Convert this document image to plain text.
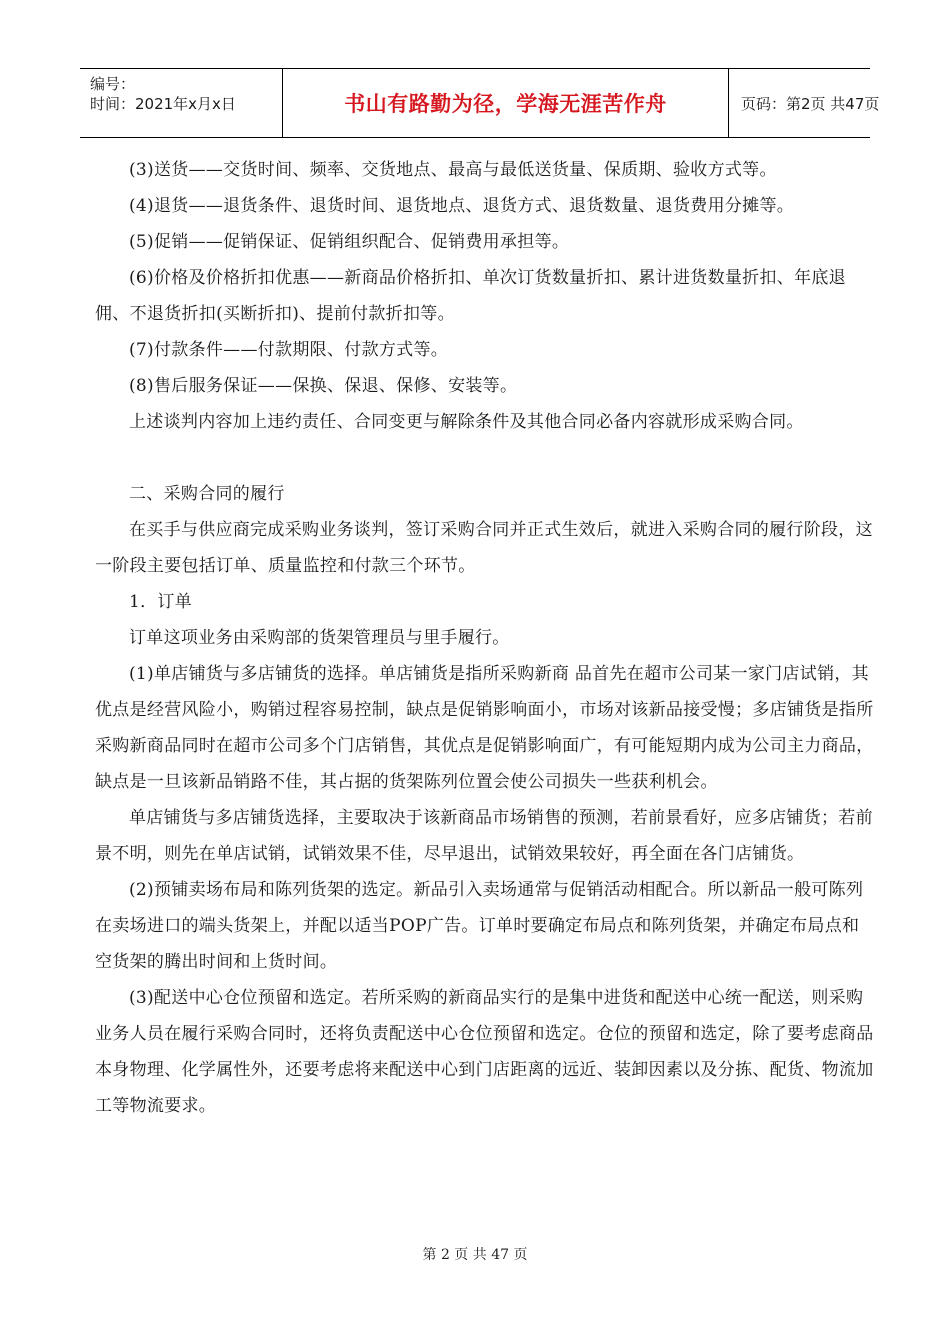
编号：
时间：2021年x月x日	书山有路勤为径，学海无涯苦作舟	页码：第2页 共47页

(3)送货——交货时间、频率、交货地点、最高与最低送货量、保质期、验收方式等。

(4)退货——退货条件、退货时间、退货地点、退货方式、退货数量、退货费用分摊等。

(5)促销——促销保证、促销组织配合、促销费用承担等。

(6)价格及价格折扣优惠——新商品价格折扣、单次订货数量折扣、累计进货数量折扣、年底退佣、不退货折扣(买断折扣)、提前付款折扣等。

(7)付款条件——付款期限、付款方式等。

(8)售后服务保证——保换、保退、保修、安装等。

上述谈判内容加上违约责任、合同变更与解除条件及其他合同必备内容就形成采购合同。

二、采购合同的履行

在买手与供应商完成采购业务谈判，签订采购合同并正式生效后，就进入采购合同的履行阶段，这一阶段主要包括订单、质量监控和付款三个环节。

1．订单

订单这项业务由采购部的货架管理员与里手履行。

(1)单店铺货与多店铺货的选择。单店铺货是指所采购新商 品首先在超市公司某一家门店试销，其优点是经营风险小，购销过程容易控制，缺点是促销影响面小，市场对该新品接受慢；多店铺货是指所采购新商品同时在超市公司多个门店销售，其优点是促销影响面广，有可能短期内成为公司主力商品，缺点是一旦该新品销路不佳，其占据的货架陈列位置会使公司损失一些获利机会。

单店铺货与多店铺货选择，主要取决于该新商品市场销售的预测，若前景看好，应多店铺货；若前景不明，则先在单店试销，试销效果不佳，尽早退出，试销效果较好，再全面在各门店铺货。

(2)预铺卖场布局和陈列货架的选定。新品引入卖场通常与促销活动相配合。所以新品一般可陈列在卖场进口的端头货架上，并配以适当POP广告。订单时要确定布局点和陈列货架，并确定布局点和空货架的腾出时间和上货时间。

(3)配送中心仓位预留和选定。若所采购的新商品实行的是集中进货和配送中心统一配送，则采购业务人员在履行采购合同时，还将负责配送中心仓位预留和选定。仓位的预留和选定，除了要考虑商品本身物理、化学属性外，还要考虑将来配送中心到门店距离的远近、装卸因素以及分拣、配货、物流加工等物流要求。

第 2 页 共 47 页
